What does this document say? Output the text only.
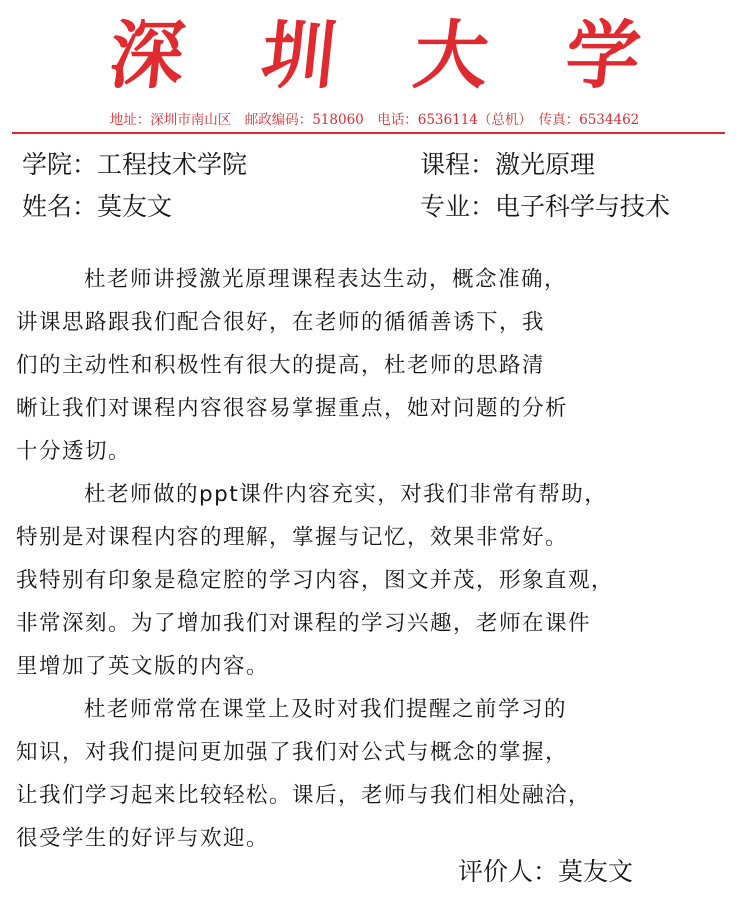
深 圳 大 学
地址：深圳市南山区　邮政编码：518060　电话：6536114（总机）　传真：6534462
学院：工程技术学院
姓名：莫友文
课程：激光原理
专业：电子科学与技术
杜老师讲授激光原理课程表达生动，概念准确，
讲课思路跟我们配合很好，在老师的循循善诱下，我
们的主动性和积极性有很大的提高，杜老师的思路清
晰让我们对课程内容很容易掌握重点，她对问题的分析
十分透切。
杜老师做的ppt课件内容充实，对我们非常有帮助，
特别是对课程内容的理解，掌握与记忆，效果非常好。
我特别有印象是稳定腔的学习内容，图文并茂，形象直观，
非常深刻。为了增加我们对课程的学习兴趣，老师在课件
里增加了英文版的内容。
杜老师常常在课堂上及时对我们提醒之前学习的
知识，对我们提问更加强了我们对公式与概念的掌握，
让我们学习起来比较轻松。课后，老师与我们相处融洽，
很受学生的好评与欢迎。
评价人：莫友文
